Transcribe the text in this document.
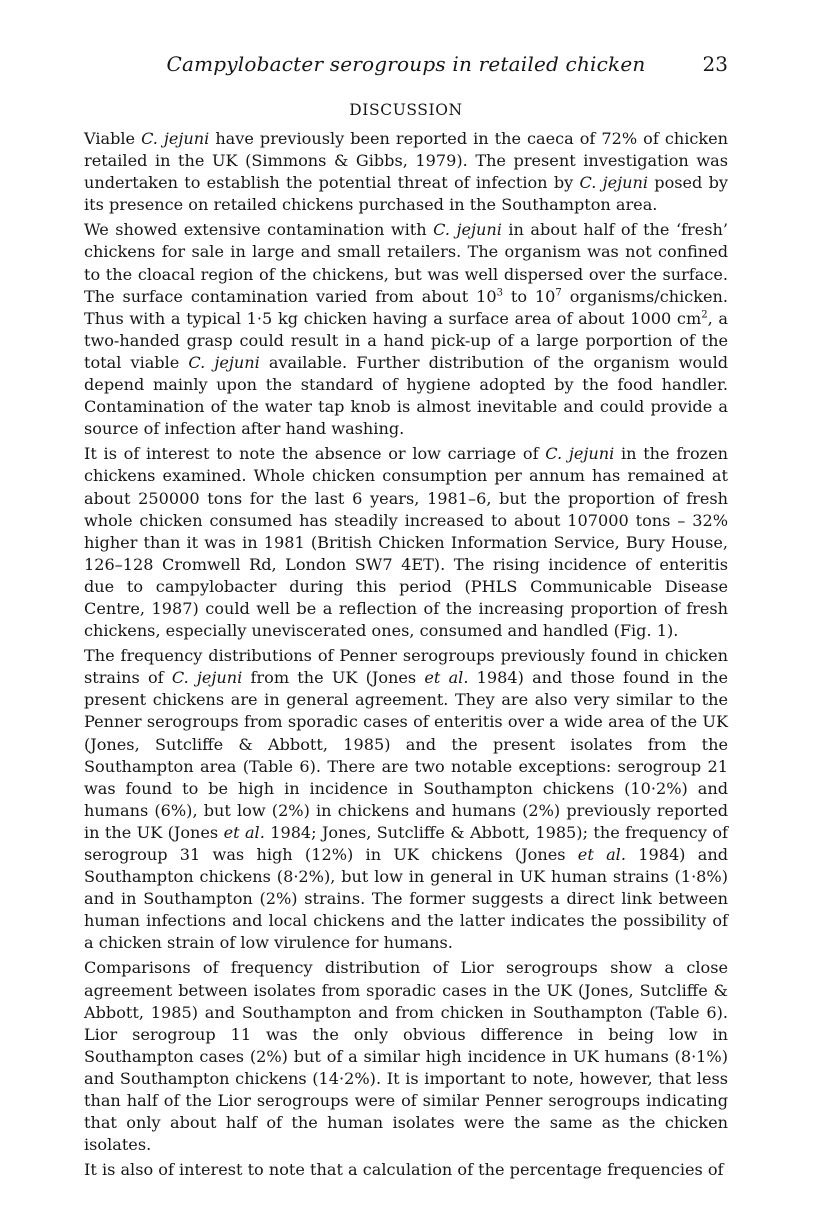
Campylobacter serogroups in retailed chicken	23
DISCUSSION

Viable C. jejuni have previously been reported in the caeca of 72% of chicken retailed in the UK (Simmons & Gibbs, 1979). The present investigation was undertaken to establish the potential threat of infection by C. jejuni posed by its presence on retailed chickens purchased in the Southampton area.

We showed extensive contamination with C. jejuni in about half of the ‘fresh’ chickens for sale in large and small retailers. The organism was not confined to the cloacal region of the chickens, but was well dispersed over the surface. The surface contamination varied from about $10^3$ to $10^7$ organisms/chicken. Thus with a typical 1·5 kg chicken having a surface area of about 1000 $cm^2$, a two-handed grasp could result in a hand pick-up of a large porportion of the total viable C. jejuni available. Further distribution of the organism would depend mainly upon the standard of hygiene adopted by the food handler. Contamination of the water tap knob is almost inevitable and could provide a source of infection after hand washing.

It is of interest to note the absence or low carriage of C. jejuni in the frozen chickens examined. Whole chicken consumption per annum has remained at about 250000 tons for the last 6 years, 1981–6, but the proportion of fresh whole chicken consumed has steadily increased to about 107000 tons – 32% higher than it was in 1981 (British Chicken Information Service, Bury House, 126–128 Cromwell Rd, London SW7 4ET). The rising incidence of enteritis due to campylobacter during this period (PHLS Communicable Disease Centre, 1987) could well be a reflection of the increasing proportion of fresh chickens, especially uneviscerated ones, consumed and handled (Fig. 1).

The frequency distributions of Penner serogroups previously found in chicken strains of C. jejuni from the UK (Jones et al. 1984) and those found in the present chickens are in general agreement. They are also very similar to the Penner serogroups from sporadic cases of enteritis over a wide area of the UK (Jones, Sutcliffe & Abbott, 1985) and the present isolates from the Southampton area (Table 6). There are two notable exceptions: serogroup 21 was found to be high in incidence in Southampton chickens (10·2%) and humans (6%), but low (2%) in chickens and humans (2%) previously reported in the UK (Jones et al. 1984; Jones, Sutcliffe & Abbott, 1985); the frequency of serogroup 31 was high (12%) in UK chickens (Jones et al. 1984) and Southampton chickens (8·2%), but low in general in UK human strains (1·8%) and in Southampton (2%) strains. The former suggests a direct link between human infections and local chickens and the latter indicates the possibility of a chicken strain of low virulence for humans.

Comparisons of frequency distribution of Lior serogroups show a close agreement between isolates from sporadic cases in the UK (Jones, Sutcliffe & Abbott, 1985) and Southampton and from chicken in Southampton (Table 6). Lior serogroup 11 was the only obvious difference in being low in Southampton cases (2%) but of a similar high incidence in UK humans (8·1%) and Southampton chickens (14·2%). It is important to note, however, that less than half of the Lior serogroups were of similar Penner serogroups indicating that only about half of the human isolates were the same as the chicken isolates.

It is also of interest to note that a calculation of the percentage frequencies of
